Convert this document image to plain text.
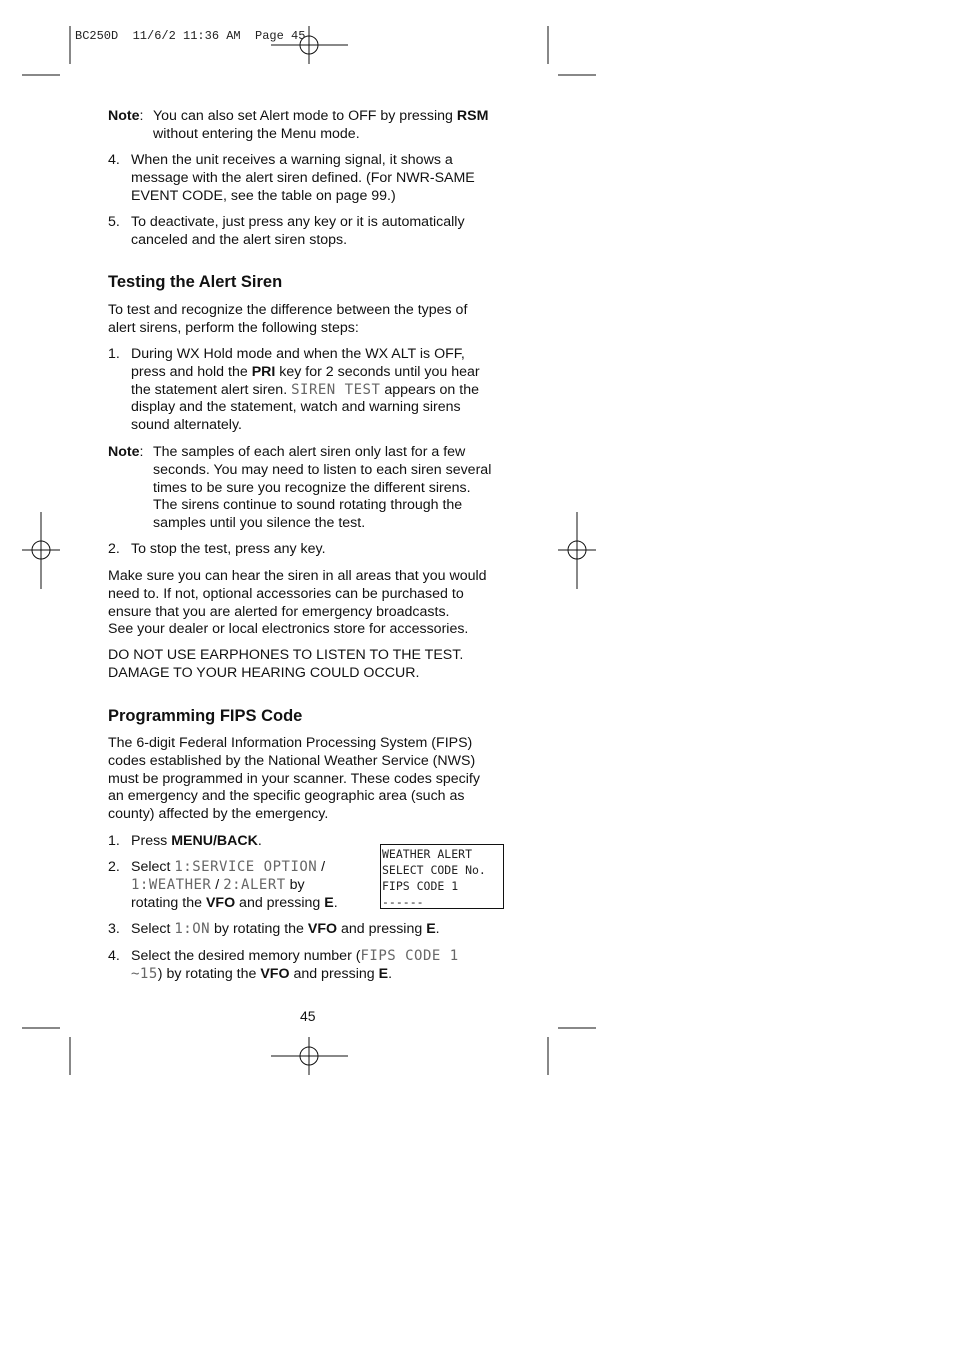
BC250D  11/6/2 11:36 AM  Page 45
Note: You can also set Alert mode to OFF by pressing RSM
without entering the Menu mode.
4. When the unit receives a warning signal, it shows a
message with the alert siren defined. (For NWR-SAME
EVENT CODE, see the table on page 99.)
5. To deactivate, just press any key or it is automatically
canceled and the alert siren stops.
Testing the Alert Siren
To test and recognize the difference between the types of
alert sirens, perform the following steps:
1. During WX Hold mode and when the WX ALT is OFF,
press and hold the PRI key for 2 seconds until you hear
the statement alert siren. SIREN TEST appears on the
display and the statement, watch and warning sirens
sound alternately.
Note: The samples of each alert siren only last for a few
seconds. You may need to listen to each siren several
times to be sure you recognize the different sirens.
The sirens continue to sound rotating through the
samples until you silence the test.
2. To stop the test, press any key.
Make sure you can hear the siren in all areas that you would
need to. If not, optional accessories can be purchased to
ensure that you are alerted for emergency broadcasts.
See your dealer or local electronics store for accessories.
DO NOT USE EARPHONES TO LISTEN TO THE TEST.
DAMAGE TO YOUR HEARING COULD OCCUR.
Programming FIPS Code
The 6-digit Federal Information Processing System (FIPS)
codes established by the National Weather Service (NWS)
must be programmed in your scanner. These codes specify
an emergency and the specific geographic area (such as
county) affected by the emergency.
1. Press MENU/BACK.
2. Select 1:SERVICE OPTION /
1:WEATHER / 2:ALERT by
rotating the VFO and pressing E.
WEATHER ALERT
SELECT CODE No.
FIPS CODE 1
------
3. Select 1:ON by rotating the VFO and pressing E.
4. Select the desired memory number (FIPS CODE 1
~15) by rotating the VFO and pressing E.
45
